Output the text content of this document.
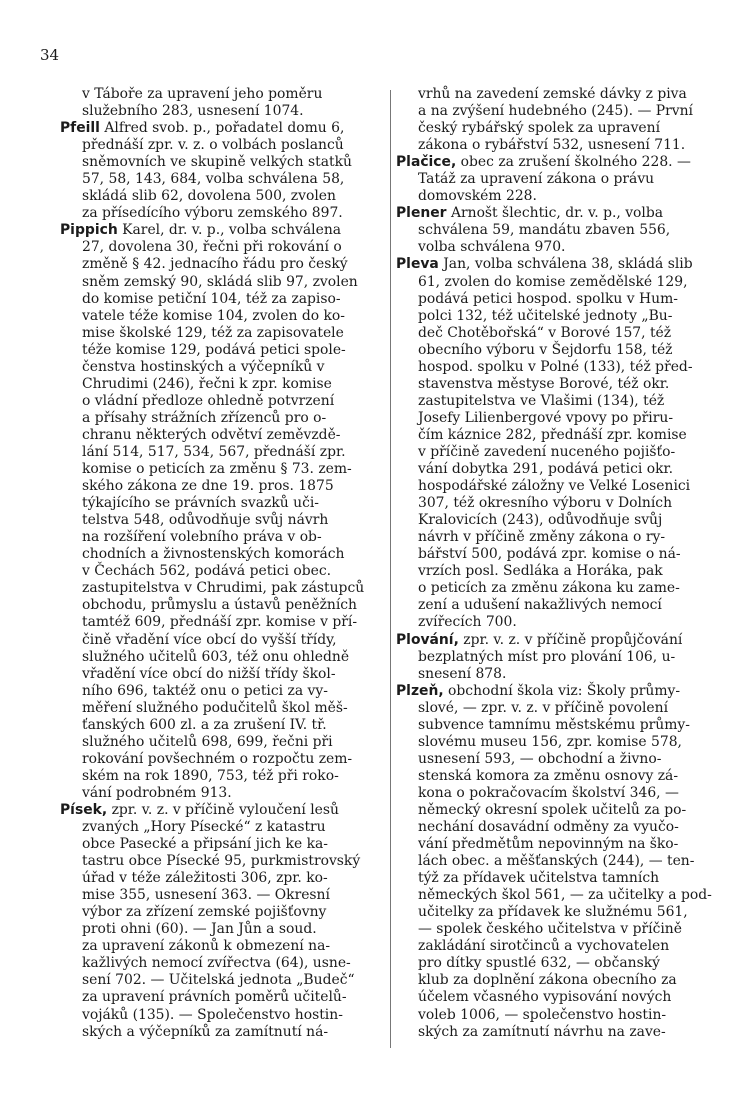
34
v Táboře za upravení jeho poměru
služebního 283, usnesení 1074.
Pfeill Alfred svob. p., pořadatel domu 6,
přednáší zpr. v. z. o volbách poslanců
sněmovních ve skupině velkých statků
57, 58, 143, 684, volba schválena 58,
skládá slib 62, dovolena 500, zvolen
za přísedícího výboru zemského 897.
Pippich Karel, dr. v. p., volba schválena
27, dovolena 30, řečni při rokování o
změně § 42. jednacího řádu pro český
sněm zemský 90, skládá slib 97, zvolen
do komise petiční 104, též za zapiso-
vatele téže komise 104, zvolen do ko-
mise školské 129, též za zapisovatele
téže komise 129, podává petici spole-
čenstva hostinských a výčepníků v
Chrudimi (246), řečni k zpr. komise
o vládní předloze ohledně potvrzení
a přísahy strážních zřízenců pro o-
chranu některých odvětví zeměvzdě-
lání 514, 517, 534, 567, přednáší zpr.
komise o peticích za změnu § 73. zem-
ského zákona ze dne 19. pros. 1875
týkajícího se právních svazků uči-
telstva 548, odůvodňuje svůj návrh
na rozšíření volebního práva v ob-
chodních a živnostenských komorách
v Čechách 562, podává petici obec.
zastupitelstva v Chrudimi, pak zástupců
obchodu, průmyslu a ústavů peněžních
tamtéž 609, přednáší zpr. komise v pří-
čině vřadění více obcí do vyšší třídy,
služného učitelů 603, též onu ohledně
vřadění více obcí do nižší třídy škol-
ního 696, taktéž onu o petici za vy-
měření služného podučitelů škol měš-
ťanských 600 zl. a za zrušení IV. tř.
služného učitelů 698, 699, řečni při
rokování povšechném o rozpočtu zem-
ském na rok 1890, 753, též při roko-
vání podrobném 913.
Písek, zpr. v. z. v příčině vyloučení lesů
zvaných „Hory Písecké“ z katastru
obce Pasecké a připsání jich ke ka-
tastru obce Písecké 95, purkmistrovský
úřad v téže záležitosti 306, zpr. ko-
mise 355, usnesení 363. — Okresní
výbor za zřízení zemské pojišťovny
proti ohni (60). — Jan Jůn a soud.
za upravení zákonů k obmezení na-
kažlivých nemocí zvířectva (64), usne-
sení 702. — Učitelská jednota „Budeč“
za upravení právních poměrů učitelů-
vojáků (135). — Společenstvo hostin-
ských a výčepníků za zamítnutí ná-
vrhů na zavedení zemské dávky z piva
a na zvýšení hudebného (245). — První
český rybářský spolek za upravení
zákona o rybářství 532, usnesení 711.
Plačice, obec za zrušení školného 228. —
Tatáž za upravení zákona o právu
domovském 228.
Plener Arnošt šlechtic, dr. v. p., volba
schválena 59, mandátu zbaven 556,
volba schválena 970.
Pleva Jan, volba schválena 38, skládá slib
61, zvolen do komise zemědělské 129,
podává petici hospod. spolku v Hum-
polci 132, též učitelské jednoty „Bu-
deč Chotěbořská“ v Borové 157, též
obecního výboru v Šejdorfu 158, též
hospod. spolku v Polné (133), též před-
stavenstva městyse Borové, též okr.
zastupitelstva ve Vlašimi (134), též
Josefy Lilienbergové vpovy po přiru-
čím káznice 282, přednáší zpr. komise
v příčině zavedení nuceného pojišťo-
vání dobytka 291, podává petici okr.
hospodářské záložny ve Velké Losenici
307, též okresního výboru v Dolních
Kralovicích (243), odůvodňuje svůj
návrh v příčině změny zákona o ry-
bářství 500, podává zpr. komise o ná-
vrzích posl. Sedláka a Horáka, pak
o peticích za změnu zákona ku zame-
zení a udušení nakažlivých nemocí
zvířecích 700.
Plování, zpr. v. z. v příčině propůjčování
bezplatných míst pro plování 106, u-
snesení 878.
Plzeň, obchodní škola viz: Školy průmy-
slové, — zpr. v. z. v příčině povolení
subvence tamnímu městskému průmy-
slovému museu 156, zpr. komise 578,
usnesení 593, — obchodní a živno-
stenská komora za změnu osnovy zá-
kona o pokračovacím školství 346, —
německý okresní spolek učitelů za po-
nechání dosavádní odměny za vyučo-
vání předmětům nepovinným na ško-
lách obec. a měšťanských (244), — ten-
týž za přídavek učitelstva tamních
německých škol 561, — za učitelky a pod-
učitelky za přídavek ke služnému 561,
— spolek českého učitelstva v příčině
zakládání sirotčinců a vychovatelen
pro dítky spustlé 632, — občanský
klub za doplnění zákona obecního za
účelem včasného vypisování nových
voleb 1006, — společenstvo hostin-
ských za zamítnutí návrhu na zave-
